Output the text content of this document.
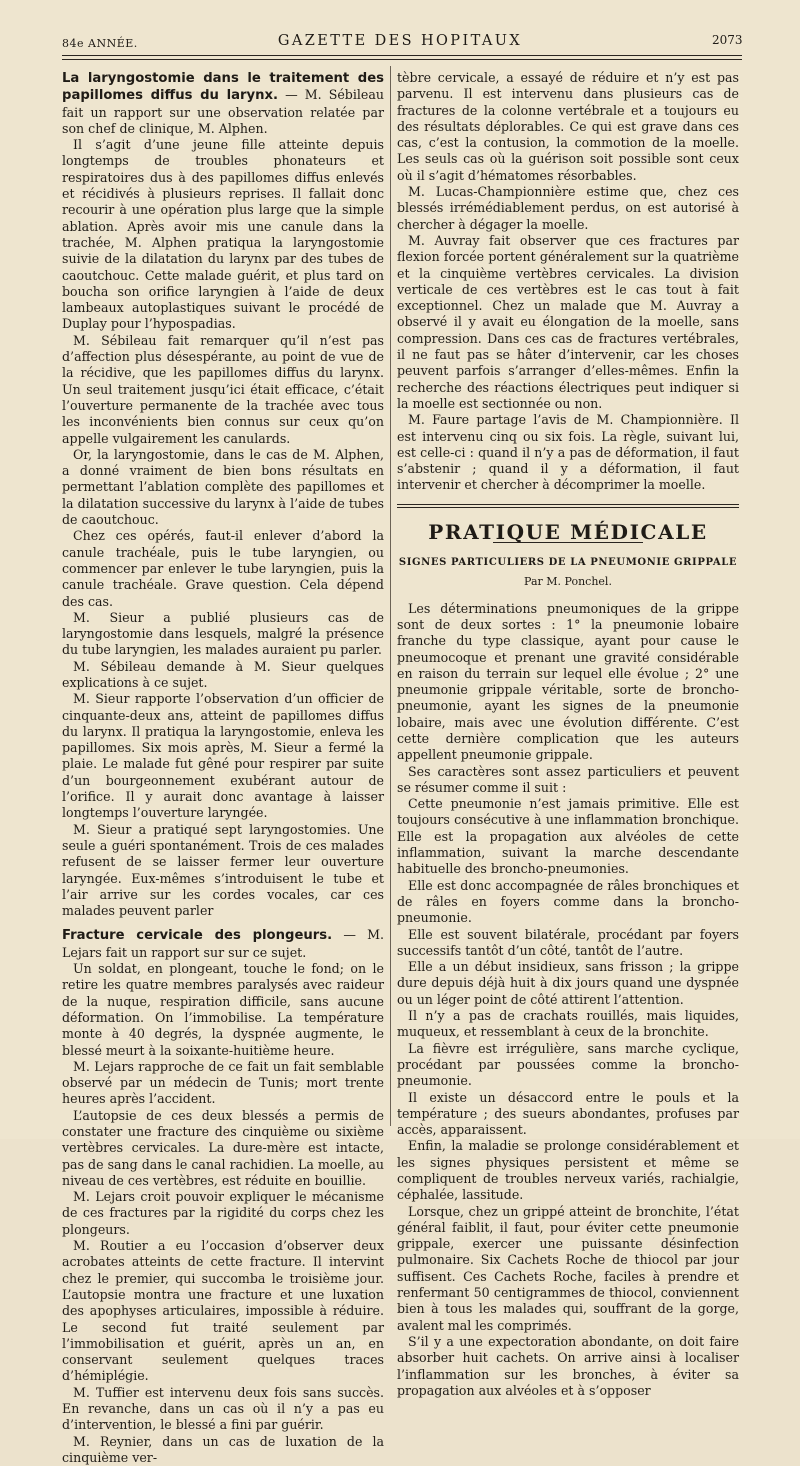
84e ANNÉE.	GAZETTE DES HOPITAUX	2073

La laryngostomie dans le traitement des papillomes diffus du larynx. — M. Sébileau fait un rapport sur une observation relatée par son chef de clinique, M. Alphen.

Il s’agit d’une jeune fille atteinte depuis longtemps de troubles phonateurs et respiratoires dus à des papillomes diffus enlevés et récidivés à plusieurs reprises. Il fallait donc recourir à une opération plus large que la simple ablation. Après avoir mis une canule dans la trachée, M. Alphen pratiqua la laryngostomie suivie de la dilatation du larynx par des tubes de caoutchouc. Cette malade guérit, et plus tard on boucha son orifice laryngien à l’aide de deux lambeaux autoplastiques suivant le procédé de Duplay pour l’hypospadias.

M. Sébileau fait remarquer qu’il n’est pas d’affection plus désespérante, au point de vue de la récidive, que les papillomes diffus du larynx. Un seul traitement jusqu’ici était efficace, c’était l’ouverture permanente de la trachée avec tous les inconvénients bien connus sur ceux qu’on appelle vulgairement les canulards.

Or, la laryngostomie, dans le cas de M. Alphen, a donné vraiment de bien bons résultats en permettant l’ablation complète des papillomes et la dilatation successive du larynx à l’aide de tubes de caoutchouc.

Chez ces opérés, faut-il enlever d’abord la canule trachéale, puis le tube laryngien, ou commencer par enlever le tube laryngien, puis la canule trachéale. Grave question. Cela dépend des cas.

M. Sieur a publié plusieurs cas de laryngostomie dans lesquels, malgré la présence du tube laryngien, les malades auraient pu parler.

M. Sébileau demande à M. Sieur quelques explications à ce sujet.

M. Sieur rapporte l’observation d’un officier de cinquante-deux ans, atteint de papillomes diffus du larynx. Il pratiqua la laryngostomie, enleva les papillomes. Six mois après, M. Sieur a fermé la plaie. Le malade fut gêné pour respirer par suite d’un bourgeonnement exubérant autour de l’orifice. Il y aurait donc avantage à laisser longtemps l’ouverture laryngée.

M. Sieur a pratiqué sept laryngostomies. Une seule a guéri spontanément. Trois de ces malades refusent de se laisser fermer leur ouverture laryngée. Eux-mêmes s’introduisent le tube et l’air arrive sur les cordes vocales, car ces malades peuvent parler

Fracture cervicale des plongeurs. — M. Lejars fait un rapport sur sur ce sujet.

Un soldat, en plongeant, touche le fond; on le retire les quatre membres paralysés avec raideur de la nuque, respiration difficile, sans aucune déformation. On l’immobilise. La température monte à 40 degrés, la dyspnée augmente, le blessé meurt à la soixante-huitième heure.

M. Lejars rapproche de ce fait un fait semblable observé par un médecin de Tunis; mort trente heures après l’accident.

L’autopsie de ces deux blessés a permis de constater une fracture des cinquième ou sixième vertèbres cervicales. La dure-mère est intacte, pas de sang dans le canal rachidien. La moelle, au niveau de ces vertèbres, est réduite en bouillie.

M. Lejars croit pouvoir expliquer le mécanisme de ces fractures par la rigidité du corps chez les plongeurs.

M. Routier a eu l’occasion d’observer deux acrobates atteints de cette fracture. Il intervint chez le premier, qui succomba le troisième jour. L’autopsie montra une fracture et une luxation des apophyses articulaires, impossible à réduire. Le second fut traité seulement par l’immobilisation et guérit, après un an, en conservant seulement quelques traces d’hémiplégie.

M. Tuffier est intervenu deux fois sans succès. En revanche, dans un cas où il n’y a pas eu d’intervention, le blessé a fini par guérir.

M. Reynier, dans un cas de luxation de la cinquième ver-

tèbre cervicale, a essayé de réduire et n’y est pas parvenu. Il est intervenu dans plusieurs cas de fractures de la colonne vertébrale et a toujours eu des résultats déplorables. Ce qui est grave dans ces cas, c’est la contusion, la commotion de la moelle. Les seuls cas où la guérison soit possible sont ceux où il s’agit d’hématomes résorbables.

M. Lucas-Championnière estime que, chez ces blessés irrémédiablement perdus, on est autorisé à chercher à dégager la moelle.

M. Auvray fait observer que ces fractures par flexion forcée portent généralement sur la quatrième et la cinquième vertèbres cervicales. La division verticale de ces vertèbres est le cas tout à fait exceptionnel. Chez un malade que M. Auvray a observé il y avait eu élongation de la moelle, sans compression. Dans ces cas de fractures vertébrales, il ne faut pas se hâter d’intervenir, car les choses peuvent parfois s’arranger d’elles-mêmes. Enfin la recherche des réactions électriques peut indiquer si la moelle est sectionnée ou non.

M. Faure partage l’avis de M. Championnière. Il est intervenu cinq ou six fois. La règle, suivant lui, est celle-ci : quand il n’y a pas de déformation, il faut s’abstenir ; quand il y a déformation, il faut intervenir et chercher à décomprimer la moelle.

PRATIQUE MÉDICALE
SIGNES PARTICULIERS DE LA PNEUMONIE GRIPPALE
Par M. Ponchel.

Les déterminations pneumoniques de la grippe sont de deux sortes : 1° la pneumonie lobaire franche du type classique, ayant pour cause le pneumocoque et prenant une gravité considérable en raison du terrain sur lequel elle évolue ; 2° une pneumonie grippale véritable, sorte de broncho-pneumonie, ayant les signes de la pneumonie lobaire, mais avec une évolution différente. C’est cette dernière complication que les auteurs appellent pneumonie grippale.

Ses caractères sont assez particuliers et peuvent se résumer comme il suit :

Cette pneumonie n’est jamais primitive. Elle est toujours consécutive à une inflammation bronchique. Elle est la propagation aux alvéoles de cette inflammation, suivant la marche descendante habituelle des broncho-pneumonies.

Elle est donc accompagnée de râles bronchiques et de râles en foyers comme dans la broncho-pneumonie.

Elle est souvent bilatérale, procédant par foyers successifs tantôt d’un côté, tantôt de l’autre.

Elle a un début insidieux, sans frisson ; la grippe dure depuis déjà huit à dix jours quand une dyspnée ou un léger point de côté attirent l’attention.

Il n’y a pas de crachats rouillés, mais liquides, muqueux, et ressemblant à ceux de la bronchite.

La fièvre est irrégulière, sans marche cyclique, procédant par poussées comme la broncho-pneumonie.

Il existe un désaccord entre le pouls et la température ; des sueurs abondantes, profuses par accès, apparaissent.

Enfin, la maladie se prolonge considérablement et les signes physiques persistent et même se compliquent de troubles nerveux variés, rachialgie, céphalée, lassitude.

Lorsque, chez un grippé atteint de bronchite, l’état général faiblit, il faut, pour éviter cette pneumonie grippale, exercer une puissante désinfection pulmonaire. Six Cachets Roche de thiocol par jour suffisent. Ces Cachets Roche, faciles à prendre et renfermant 50 centigrammes de thiocol, conviennent bien à tous les malades qui, souffrant de la gorge, avalent mal les comprimés.

S’il y a une expectoration abondante, on doit faire absorber huit cachets. On arrive ainsi à localiser l’inflammation sur les bronches, à éviter sa propagation aux alvéoles et à s’opposer
